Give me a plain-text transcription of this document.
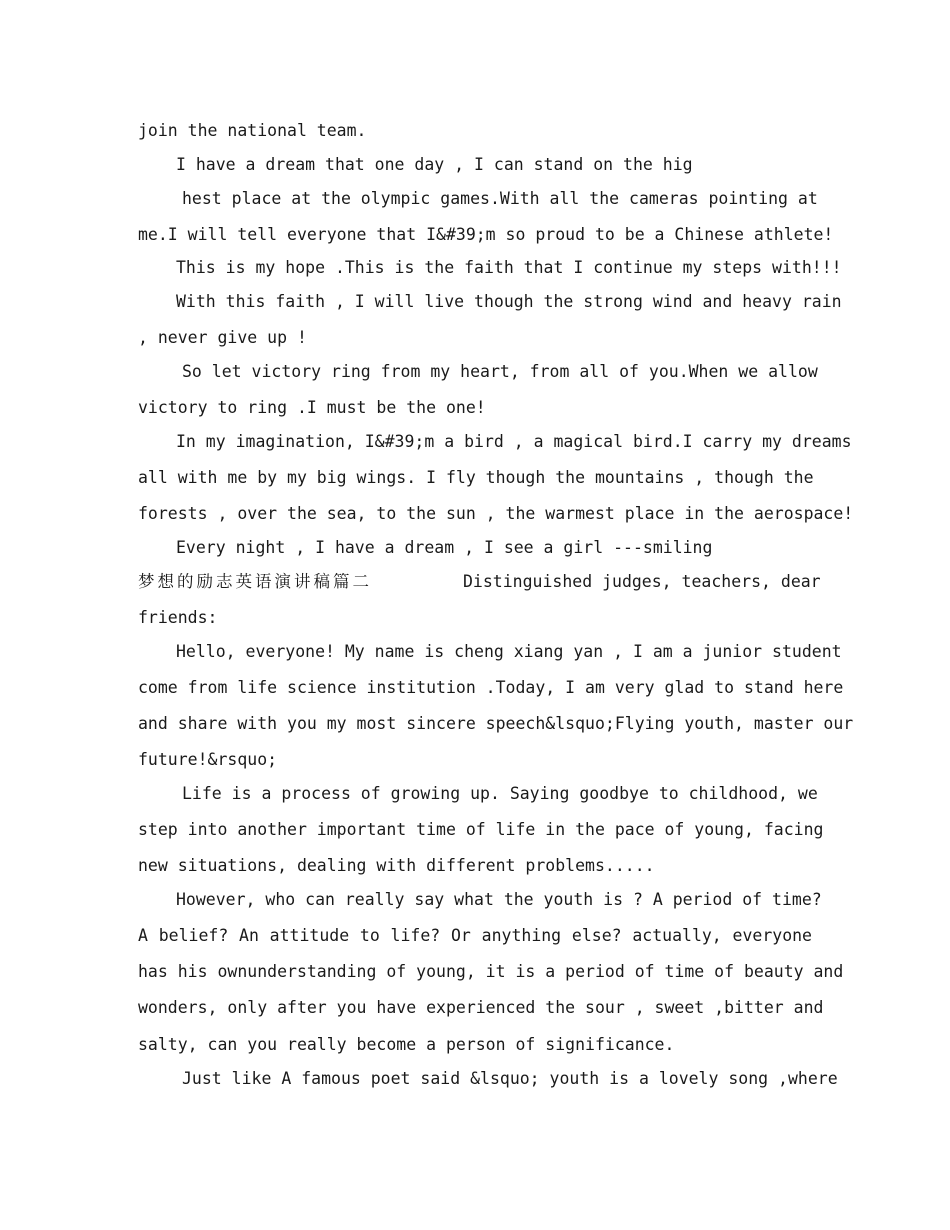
join the national team.
I have a dream that one day , I can stand on the hig
hest place at the olympic games.With all the cameras pointing at
me.I will tell everyone that I&#39;m so proud to be a Chinese athlete!
This is my hope .This is the faith that I continue my steps with!!!
With this faith , I will live though the strong wind and heavy rain
, never give up !
So let victory ring from my heart, from all of you.When we allow
victory to ring .I must be the one!
In my imagination, I&#39;m a bird , a magical bird.I carry my dreams
all with me by my big wings. I fly though the mountains , though the
forests , over the sea, to the sun , the warmest place in the aerospace!
Every night , I have a dream , I see a girl ---smiling
梦想的励志英语演讲稿篇二	Distinguished judges, teachers, dear
friends:
Hello, everyone! My name is cheng xiang yan , I am a junior student
come from life science institution .Today, I am very glad to stand here
and share with you my most sincere speech&lsquo;Flying youth, master our
future!&rsquo;
Life is a process of growing up. Saying goodbye to childhood, we
step into another important time of life in the pace of young, facing
new situations, dealing with different problems.....
However, who can really say what the youth is ? A period of time?
A belief? An attitude to life? Or anything else? actually, everyone
has his ownunderstanding of young, it is a period of time of beauty and
wonders, only after you have experienced the sour , sweet ,bitter and
salty, can you really become a person of significance.
Just like A famous poet said &lsquo; youth is a lovely song ,where
